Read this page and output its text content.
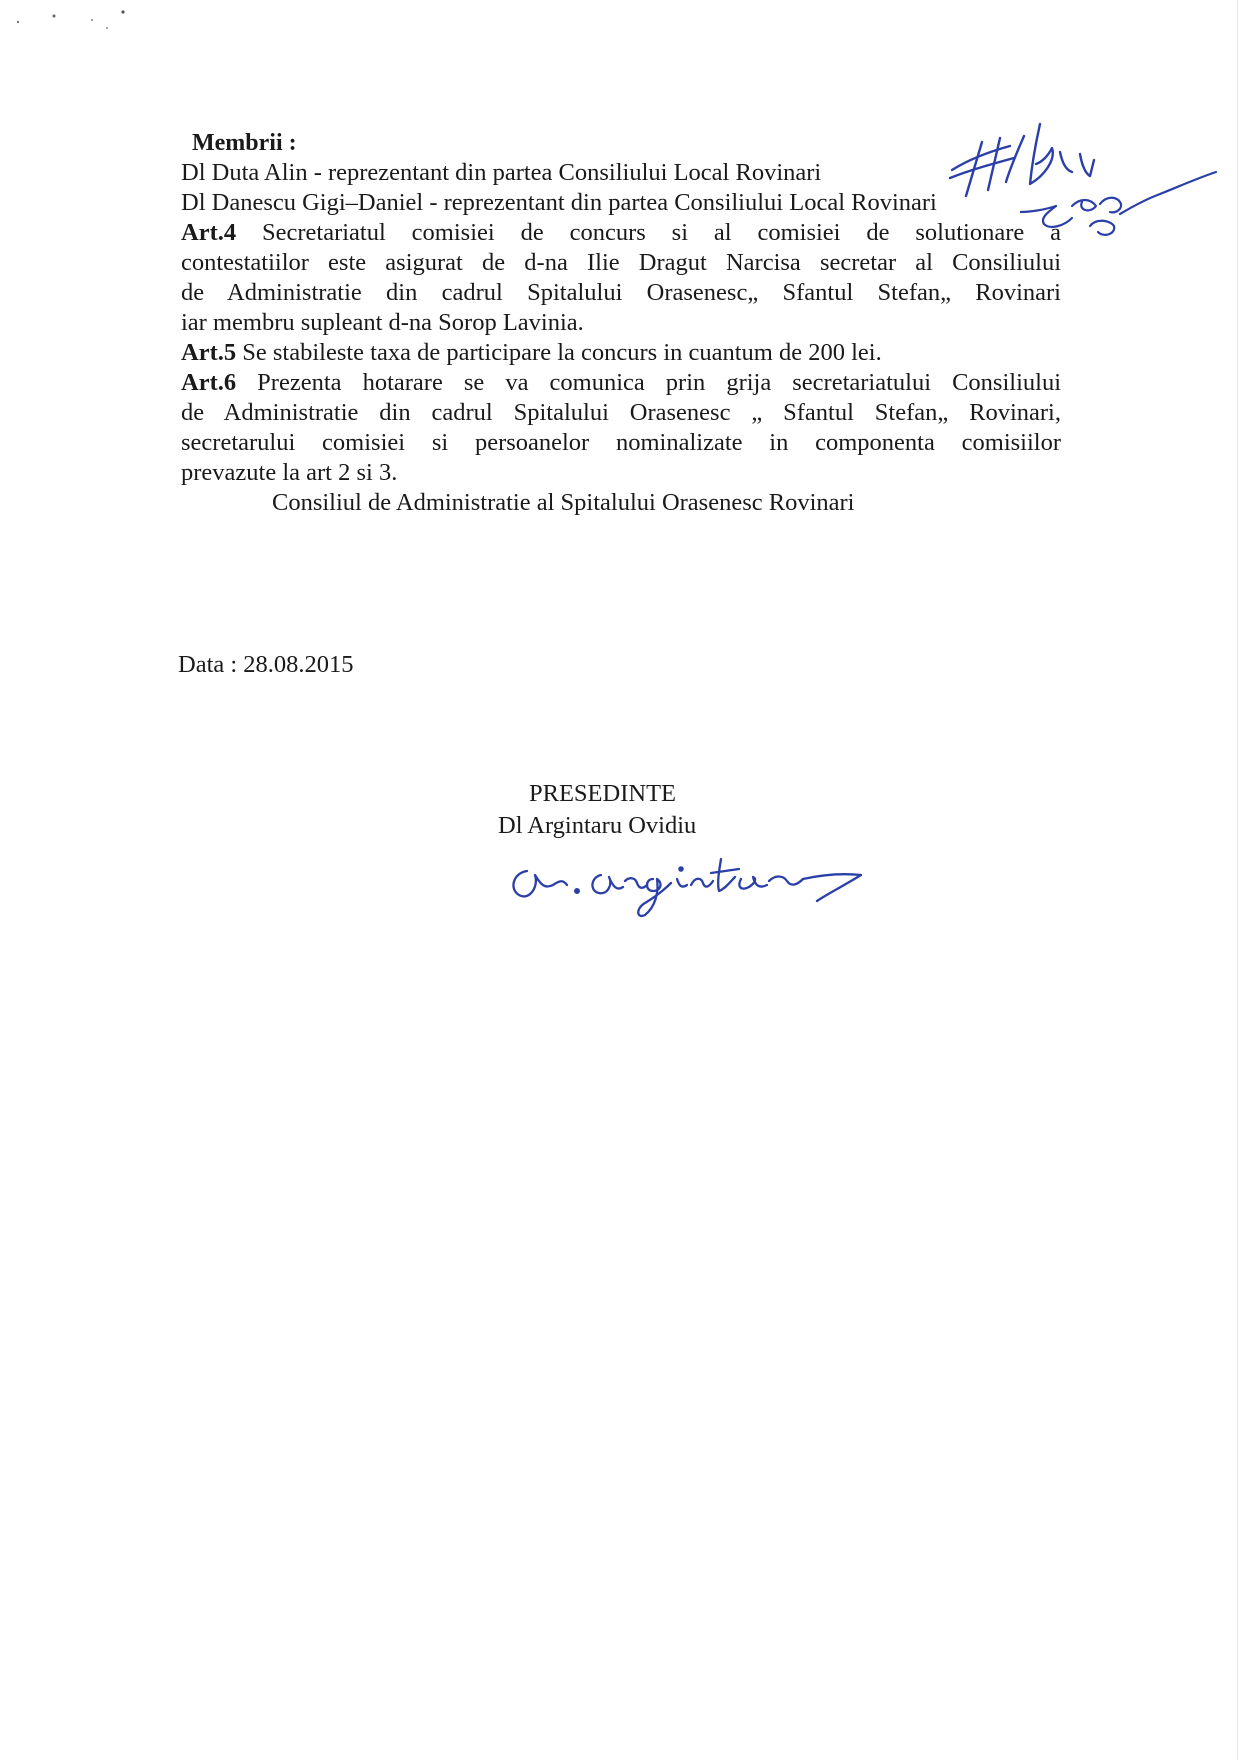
Membrii :
Dl Duta Alin - reprezentant din partea Consiliului Local Rovinari
Dl Danescu Gigi–Daniel - reprezentant din partea Consiliului Local Rovinari
Art.4 Secretariatul comisiei de concurs si al comisiei de solutionare a
contestatiilor este asigurat de d-na Ilie Dragut Narcisa secretar al Consiliului
de Administratie din cadrul Spitalului Orasenesc„ Sfantul Stefan„ Rovinari
iar membru supleant d-na Sorop Lavinia.
Art.5 Se stabileste taxa de participare la concurs in cuantum de 200 lei.
Art.6 Prezenta hotarare se va comunica prin grija secretariatului Consiliului
de Administratie din cadrul Spitalului Orasenesc „ Sfantul Stefan„ Rovinari,
secretarului comisiei si persoanelor nominalizate in componenta comisiilor
prevazute la art 2 si 3.
Consiliul de Administratie al Spitalului Orasenesc Rovinari
Data : 28.08.2015
PRESEDINTE
Dl Argintaru Ovidiu
